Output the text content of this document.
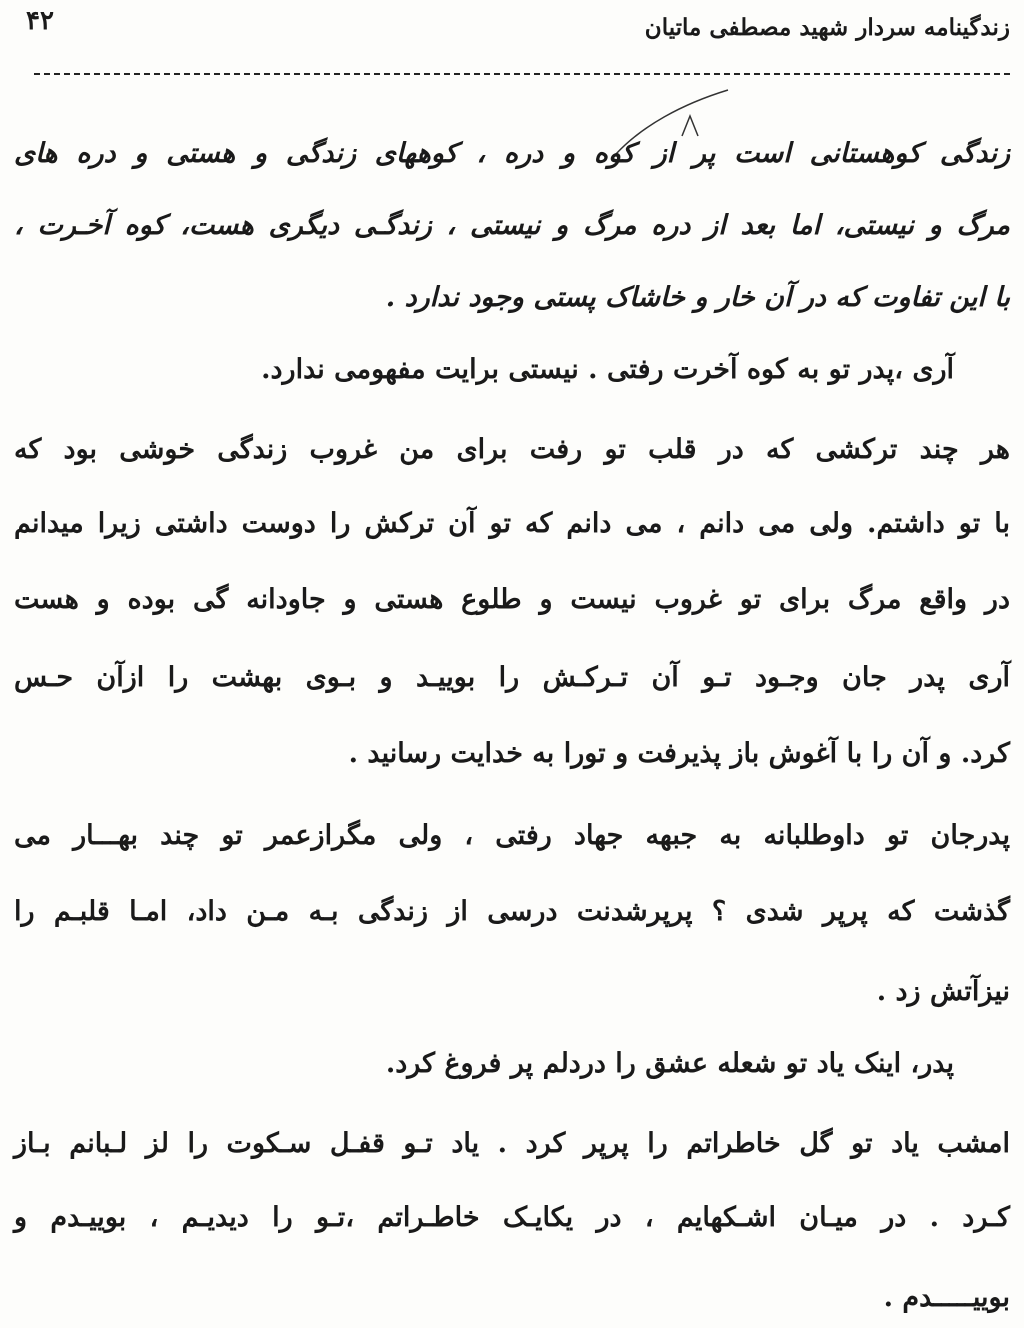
۴۲	زندگینامه سردار شهید مصطفی ماتیان
زندگی کوهستانی است پر از کوه و دره ، کوههای زندگی و هستی و دره های
مرگ و نیستی، اما بعد از دره مرگ و نیستی ، زندگـی دیگری هست، کوه آخـرت ،
با این تفاوت که در آن خار و خاشاک پستی وجود ندارد .
آری ،پدر تو به کوه آخرت رفتی . نیستی برایت مفهومی ندارد.
هر چند ترکشی که در قلب تو رفت برای من غروب زندگی خوشی بود که
با تو داشتم. ولی می دانم ، می دانم که تو آن ترکش را دوست داشتی زیرا میدانم
در واقع مرگ برای تو غروب نیست و طلوع هستی و جاودانه گی بوده و هست
آری پدر جان وجـود تـو آن تـرکـش را بوییـد و بـوی بهشت را ازآن حـس
کرد. و آن را با آغوش باز پذیرفت و تورا به خدایت رسانید .
پدرجان تو داوطلبانه به جبهه جهاد رفتی ، ولی مگرازعمر تو چند بهـــار می
گذشت که پرپر شدی ؟ پرپرشدنت درسی از زندگی بـه مـن داد، امـا قلبـم را
نیزآتش زد .
پدر، اینک یاد تو شعله عشق را دردلم پر فروغ کرد.
امشب یاد تو گل خاطراتم را پرپر کرد . یاد تـو قفـل سـکوت را لز لـبانم بـاز
کـرد . در میـان اشـکهایم ، در یکایـک خاطـراتم ،تـو را دیدیـم ، بوییـدم و
بوییـــــدم .
